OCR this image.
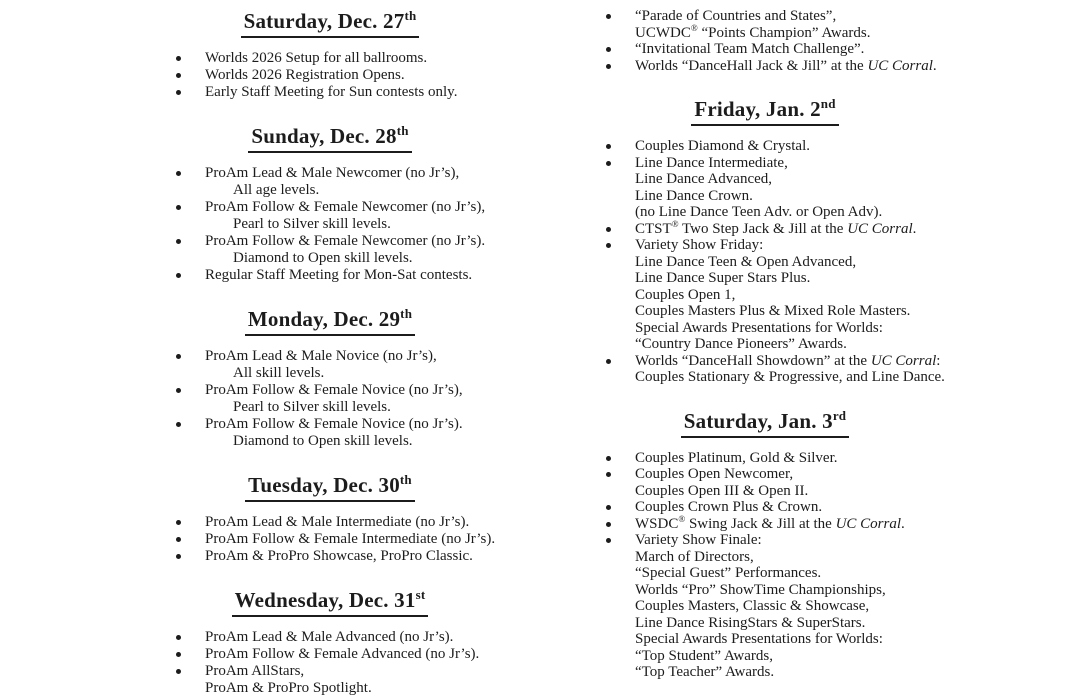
Saturday, Dec. 27th
Worlds 2026 Setup for all ballrooms.
Worlds 2026 Registration Opens.
Early Staff Meeting for Sun contests only.
Sunday, Dec. 28th
ProAm Lead & Male Newcomer (no Jr’s),
All age levels.
ProAm Follow & Female Newcomer (no Jr’s),
Pearl to Silver skill levels.
ProAm Follow & Female Newcomer (no Jr’s).
Diamond to Open skill levels.
Regular Staff Meeting for Mon-Sat contests.
Monday, Dec. 29th
ProAm Lead & Male Novice (no Jr’s),
All skill levels.
ProAm Follow & Female Novice (no Jr’s),
Pearl to Silver skill levels.
ProAm Follow & Female Novice (no Jr’s).
Diamond to Open skill levels.
Tuesday, Dec. 30th
ProAm Lead & Male Intermediate (no Jr’s).
ProAm Follow & Female Intermediate (no Jr’s).
ProAm & ProPro Showcase, ProPro Classic.
Wednesday, Dec. 31st
ProAm Lead & Male Advanced (no Jr’s).
ProAm Follow & Female Advanced (no Jr’s).
ProAm AllStars,
ProAm & ProPro Spotlight.
“Parade of Countries and States”,
UCWDC® “Points Champion” Awards.
“Invitational Team Match Challenge”.
Worlds “DanceHall Jack & Jill” at the UC Corral.
Friday, Jan. 2nd
Couples Diamond & Crystal.
Line Dance Intermediate,
Line Dance Advanced,
Line Dance Crown.
(no Line Dance Teen Adv. or Open Adv).
CTST® Two Step Jack & Jill at the UC Corral.
Variety Show Friday:
Line Dance Teen & Open Advanced,
Line Dance Super Stars Plus.
Couples Open 1,
Couples Masters Plus & Mixed Role Masters.
Special Awards Presentations for Worlds:
“Country Dance Pioneers” Awards.
Worlds “DanceHall Showdown” at the UC Corral:
Couples Stationary & Progressive, and Line Dance.
Saturday, Jan. 3rd
Couples Platinum, Gold & Silver.
Couples Open Newcomer,
Couples Open III & Open II.
Couples Crown Plus & Crown.
WSDC® Swing Jack & Jill at the UC Corral.
Variety Show Finale:
March of Directors,
“Special Guest” Performances.
Worlds “Pro” ShowTime Championships,
Couples Masters, Classic & Showcase,
Line Dance RisingStars & SuperStars.
Special Awards Presentations for Worlds:
“Top Student” Awards,
“Top Teacher” Awards.
